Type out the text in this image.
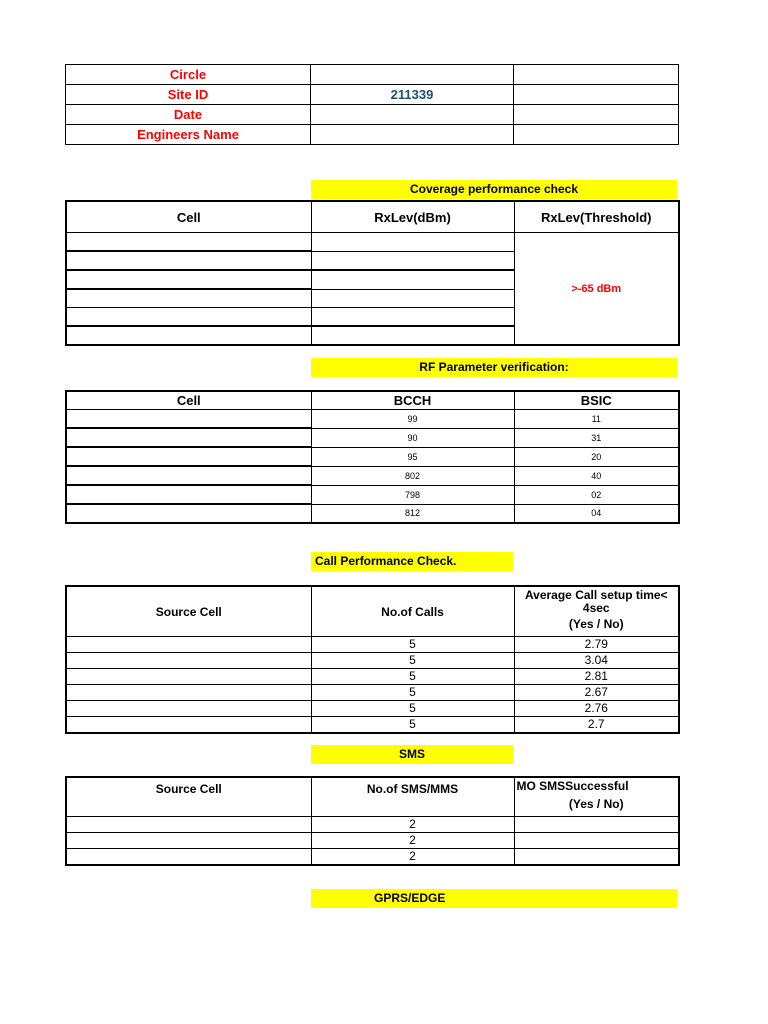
Circle		
Site ID	211339	
Date		
Engineers Name		
Coverage performance check
Cell	RxLev(dBm)	RxLev(Threshold)
		>-65 dBm

RF Parameter verification:
Cell	BCCH	BSIC
	99	11
	90	31
	95	20
	802	40
	798	02
	812	04
Call Performance Check.
Source Cell	No.of Calls	Average Call setup time< 4sec
(Yes / No)
	5	2.79
	5	3.04
	5	2.81
	5	2.67
	5	2.76
	5	2.7
SMS
Source Cell	No.of SMS/MMS	MO SMSSuccessful
(Yes / No)

	2	
	2	
	2	
GPRS/EDGE
